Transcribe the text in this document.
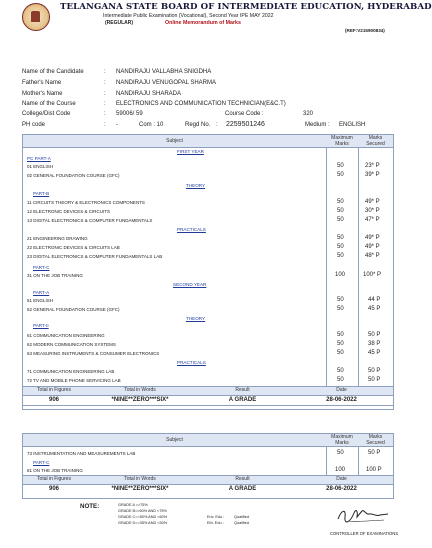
TELANGANA STATE BOARD OF INTERMEDIATE EDUCATION, HYDERABAD
Intermediate Public Examination (Vocational), Second Year IPE MAY 2022
(REGULAR)	Online Memorandum of Marks
(REF:V215900834)
Name of the Candidate	: NANDIRAJU VALLABHA SNIGDHA
Father's Name	: NANDIRAJU VENUGOPAL SHARMA
Mother's Name	: NANDIRAJU SHARADA
Name of the Course	: ELECTRONICS AND COMMUNICATION TECHNICIAN(E&C.T)
College/Dist Code	: 59006/ 59	Course Code :	320
PH code	: -	Com : 10	Regd No. : 2259501246	Medium : ENGLISH
Subject	Maximum
Marks
Marks
Secured
FIRST YEAR
PC PART-A
THEORY
PART-B
PRACTICALS
PART-C
SECOND YEAR
PART-A
THEORY
PART-II
PRACTICALS
01 ENGLISH	50	23* P
02 GENERAL FOUNDATION COURSE (GFC)	50	39* P
11 CIRCUITS THEORY & ELECTRONICS COMPONENTS	50	49* P
12 ELECTRONIC DEVICES & CIRCUITS	50	30* P
13 DIGITAL ELECTRONICS & COMPUTER FUNDAMENTALS	50	47* P
21 ENGINEERING DRAWING	50	49* P
22 ELECTRONIC DEVICES & CIRCUITS LAB	50	49* P
23 DIGITAL ELECTRONICS & COMPUTER FUNDAMENTALS LAB	50	48* P
31 ON THE JOB TRAINING	100	100* P
51 ENGLISH	50	44 P
52 GENERAL FOUNDATION COURSE (GFC)	50	45 P
61 COMMUNICATION ENGINEERING	50	50 P
62 MODERN COMMUNICATION SYSTEMS	50	38 P
63 MEASURING INSTRUMENTS & CONSUMER ELECTRONICS	50	45 P
71 COMMUNICATION ENGINEERING LAB	50	50 P
72 TV AND MOBILE PHONE SERVICING LAB	50	50 P
Total in Figures	Total in Words	Result	Date
906	*NINE**ZERO***SIX*	A GRADE	28-06-2022
Subject	Maximum
Marks
Marks
Secured
73 INSTRUMENTATION AND MEASUREMENTS LAB	50	50 P
PART-C
81 ON THE JOB TRAINING	100	100 P
Total in Figures	Total in Words	Result	Date
906	*NINE**ZERO***SIX*	A GRADE	28-06-2022
NOTE:	GRADE A =>75%
GRADE B=>60% AND <75%
GRADE C=>50% AND <60%
GRADE D=>35% AND <50%
Env. Edu :	Qualified
Eth. Edu :	Qualified
CONTROLLER OF EXAMINATIONS
